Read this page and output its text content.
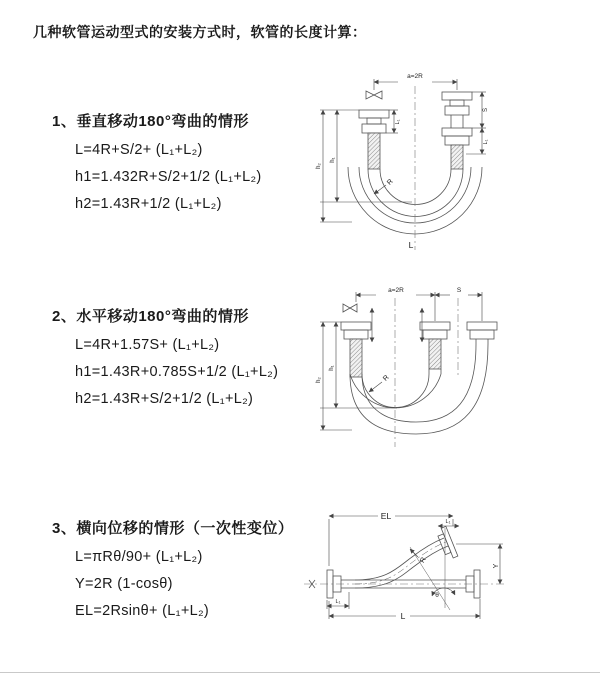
几种软管运动型式的安装方式时，软管的长度计算：
1、垂直移动180°弯曲的情形
L=4R+S/2+ (L₁+L₂)
h1=1.432R+S/2+1/2 (L₁+L₂)
h2=1.43R+1/2 (L₁+L₂)
2、水平移动180°弯曲的情形
L=4R+1.57S+ (L₁+L₂)
h1=1.43R+0.785S+1/2 (L₁+L₂)
h2=1.43R+S/2+1/2 (L₁+L₂)
3、横向位移的情形（一次性变位）
L=πRθ/90+ (L₁+L₂)
Y=2R (1-cosθ)
EL=2Rsinθ+ (L₁+L₂)
a=2R
h₂
h₁
L₁
S
L₁
R
L
a=2R	S
h₂
h₁
R
EL
L₁
Y
R
θ
L
L₁
